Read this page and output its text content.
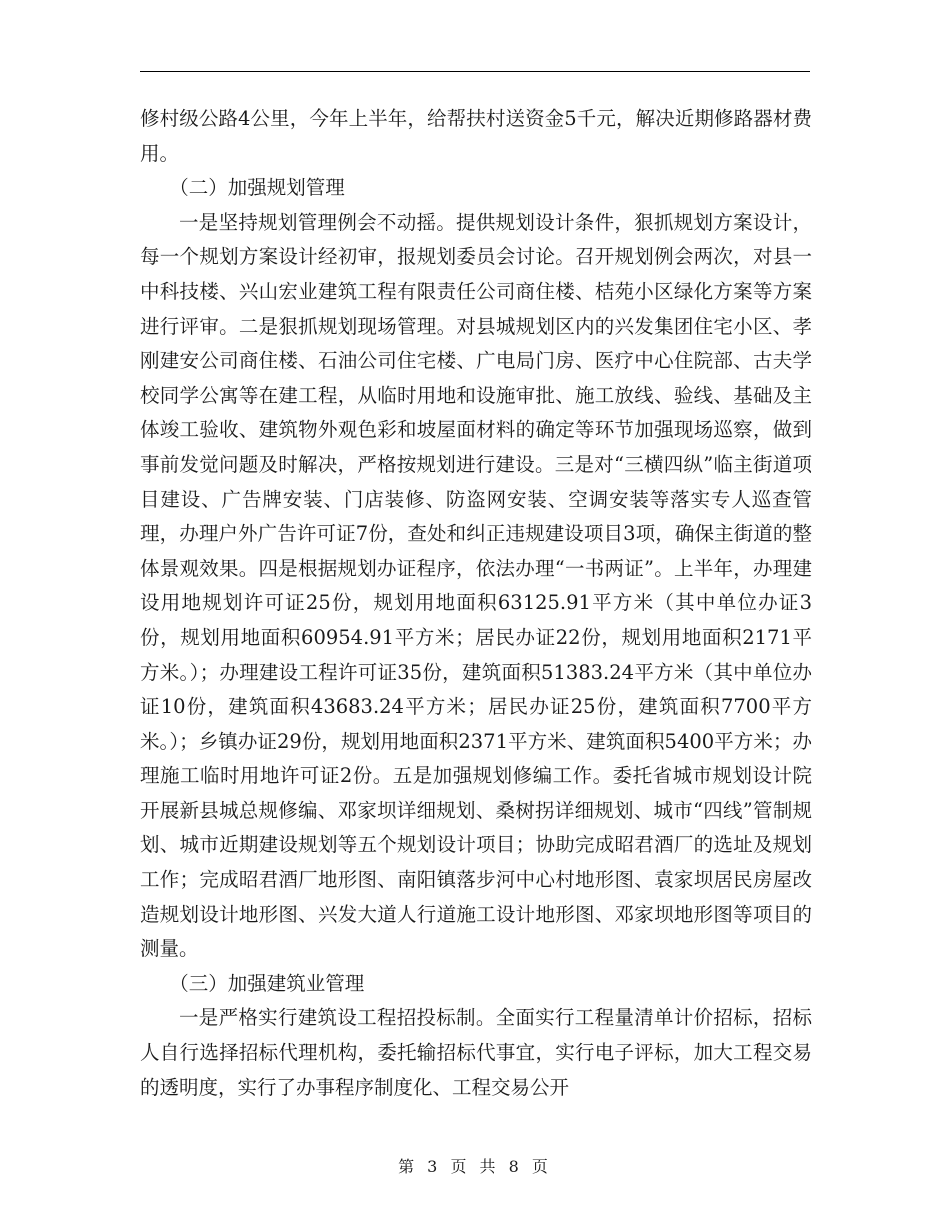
修村级公路4公里，今年上半年，给帮扶村送资金5千元，解决近期修路器材费用。

（二）加强规划管理

一是坚持规划管理例会不动摇。提供规划设计条件，狠抓规划方案设计，每一个规划方案设计经初审，报规划委员会讨论。召开规划例会两次，对县一中科技楼、兴山宏业建筑工程有限责任公司商住楼、桔苑小区绿化方案等方案进行评审。二是狠抓规划现场管理。对县城规划区内的兴发集团住宅小区、孝刚建安公司商住楼、石油公司住宅楼、广电局门房、医疗中心住院部、古夫学校同学公寓等在建工程，从临时用地和设施审批、施工放线、验线、基础及主体竣工验收、建筑物外观色彩和坡屋面材料的确定等环节加强现场巡察，做到事前发觉问题及时解决，严格按规划进行建设。三是对“三横四纵”临主街道项目建设、广告牌安装、门店装修、防盗网安装、空调安装等落实专人巡查管理，办理户外广告许可证7份，查处和纠正违规建设项目3项，确保主街道的整体景观效果。四是根据规划办证程序，依法办理“一书两证”。上半年，办理建设用地规划许可证25份，规划用地面积63125.91平方米（其中单位办证3份，规划用地面积60954.91平方米；居民办证22份，规划用地面积2171平方米。）；办理建设工程许可证35份，建筑面积51383.24平方米（其中单位办证10份，建筑面积43683.24平方米；居民办证25份，建筑面积7700平方米。）；乡镇办证29份，规划用地面积2371平方米、建筑面积5400平方米；办理施工临时用地许可证2份。五是加强规划修编工作。委托省城市规划设计院开展新县城总规修编、邓家坝详细规划、桑树拐详细规划、城市“四线”管制规划、城市近期建设规划等五个规划设计项目；协助完成昭君酒厂的选址及规划工作；完成昭君酒厂地形图、南阳镇落步河中心村地形图、袁家坝居民房屋改造规划设计地形图、兴发大道人行道施工设计地形图、邓家坝地形图等项目的测量。

（三）加强建筑业管理

一是严格实行建筑设工程招投标制。全面实行工程量清单计价招标，招标人自行选择招标代理机构，委托输招标代事宜，实行电子评标，加大工程交易的透明度，实行了办事程序制度化、工程交易公开

第 3 页 共 8 页
